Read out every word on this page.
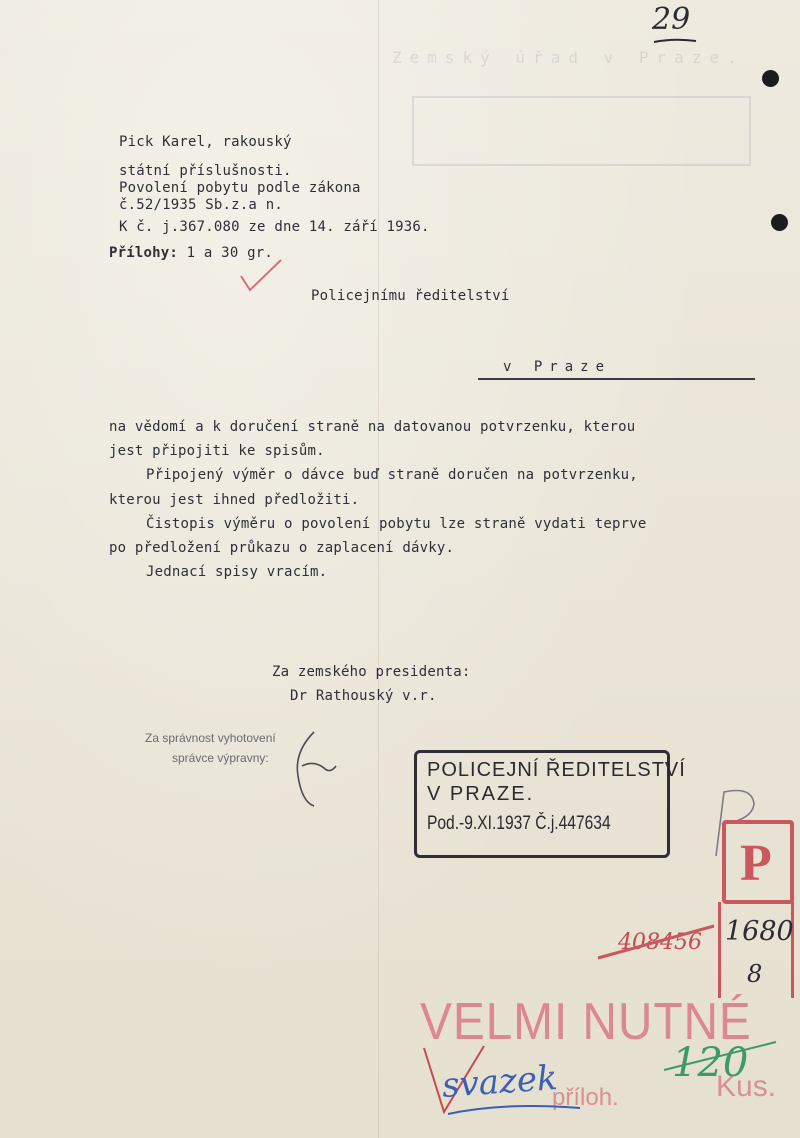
29
Zemský úřad v Praze.
Pick Karel, rakouský
státní příslušnosti.
Povolení pobytu podle zákona
č.52/1935 Sb.z.a n.
K č. j.367.080 ze dne 14. září 1936.
Přílohy: 1 a 30 gr.
Policejnímu ředitelství
v Praze
na vědomí a k doručení straně na datovanou potvrzenku, kterou
jest připojiti ke spisům.
Připojený výměr o dávce buď straně doručen na potvrzenku,
kterou jest ihned předložiti.
Čistopis výměru o povolení pobytu lze straně vydati teprve
po předložení průkazu o zaplacení dávky.
Jednací spisy vracím.
Za zemského presidenta:
Dr Rathouský v.r.
Za správnost vyhotovení
správce výpravny:
POLICEJNÍ ŘEDITELSTVÍ
V PRAZE.
Pod.-9.XI.1937 Č.j.447634
P
1680
8
408456
VELMI NUTNÉ
příloh.	Kus.
svazek	120
